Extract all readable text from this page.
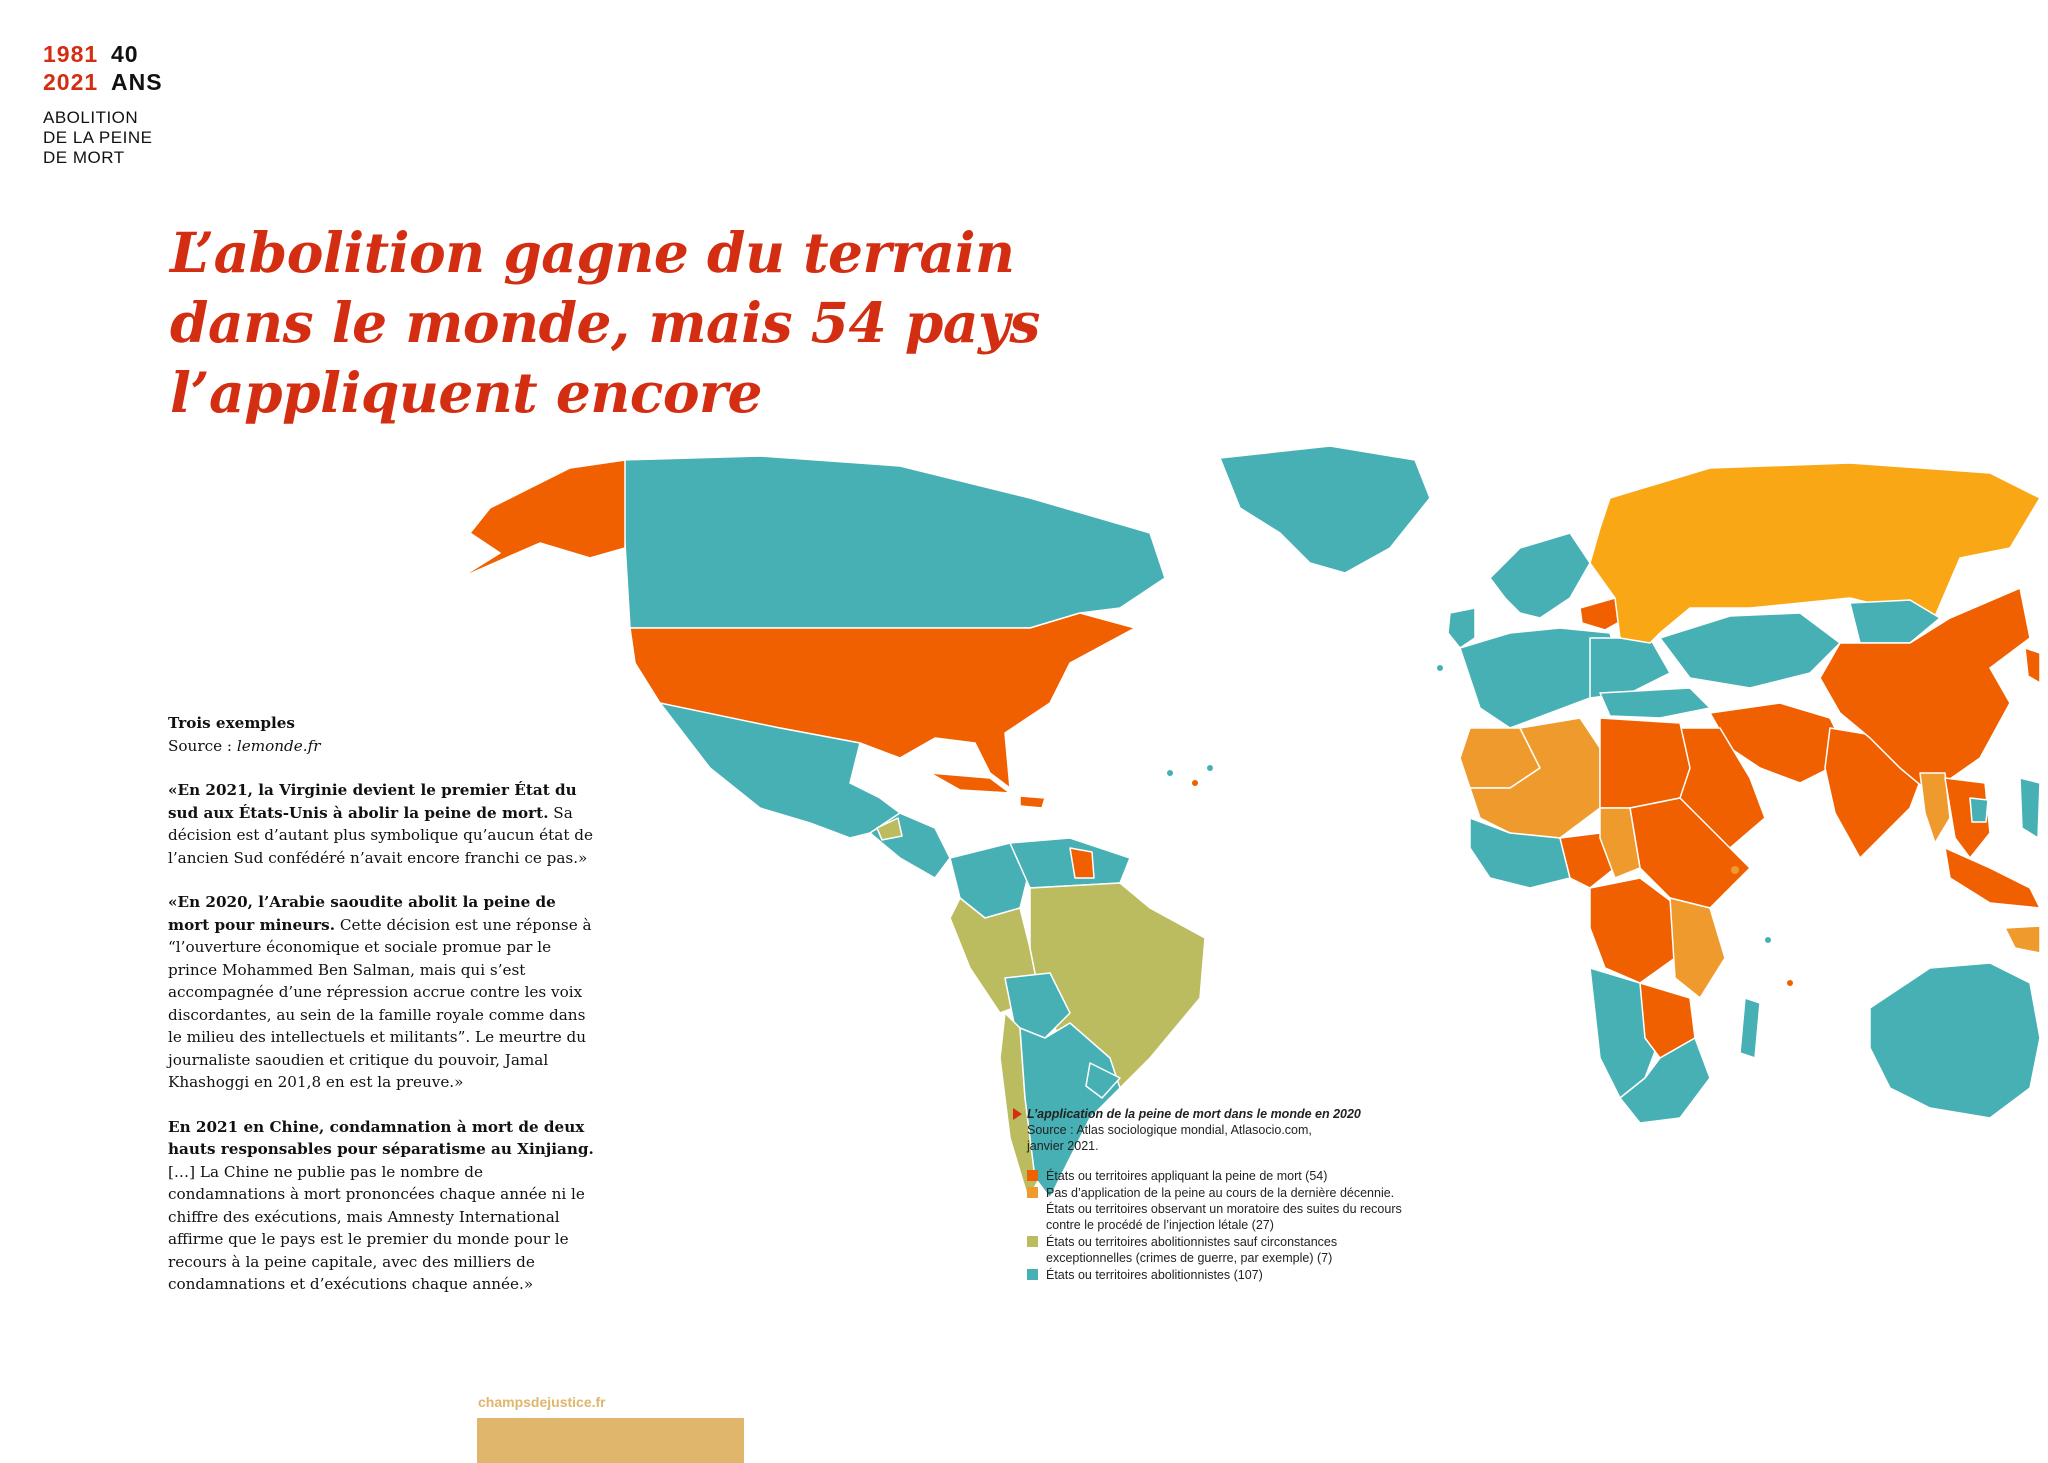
1981 40
2021 ANS
ABOLITION
DE LA PEINE
DE MORT
L’abolition gagne du terrain
dans le monde, mais 54 pays
l’appliquent encore

Trois exemples
Source : lemonde.fr

«En 2021, la Virginie devient le premier État du sud aux États-Unis à abolir la peine de mort. Sa décision est d’autant plus symbolique qu’aucun état de l’ancien Sud confédéré n’avait encore franchi ce pas.»

«En 2020, l’Arabie saoudite abolit la peine de mort pour mineurs. Cette décision est une réponse à “l’ouverture économique et sociale promue par le prince Mohammed Ben Salman, mais qui s’est accompagnée d’une répression accrue contre les voix discordantes, au sein de la famille royale comme dans le milieu des intellectuels et militants”. Le meurtre du journaliste saoudien et critique du pouvoir, Jamal Khashoggi en 201,8 en est la preuve.»

En 2021 en Chine, condamnation à mort de deux hauts responsables pour séparatisme au Xinjiang. […] La Chine ne publie pas le nombre de condamnations à mort prononcées chaque année ni le chiffre des exécutions, mais Amnesty International affirme que le pays est le premier du monde pour le recours à la peine capitale, avec des milliers de condamnations et d’exécutions chaque année.»

L’application de la peine de mort dans le monde en 2020
Source : Atlas sociologique mondial, Atlasocio.com,
janvier 2021.
États ou territoires appliquant la peine de mort (54)
Pas d’application de la peine au cours de la dernière décennie. États ou territoires observant un moratoire des suites du recours contre le procédé de l’injection létale (27)
États ou territoires abolitionnistes sauf circonstances exceptionnelles (crimes de guerre, par exemple) (7)
États ou territoires abolitionnistes (107)
champsdejustice.fr
